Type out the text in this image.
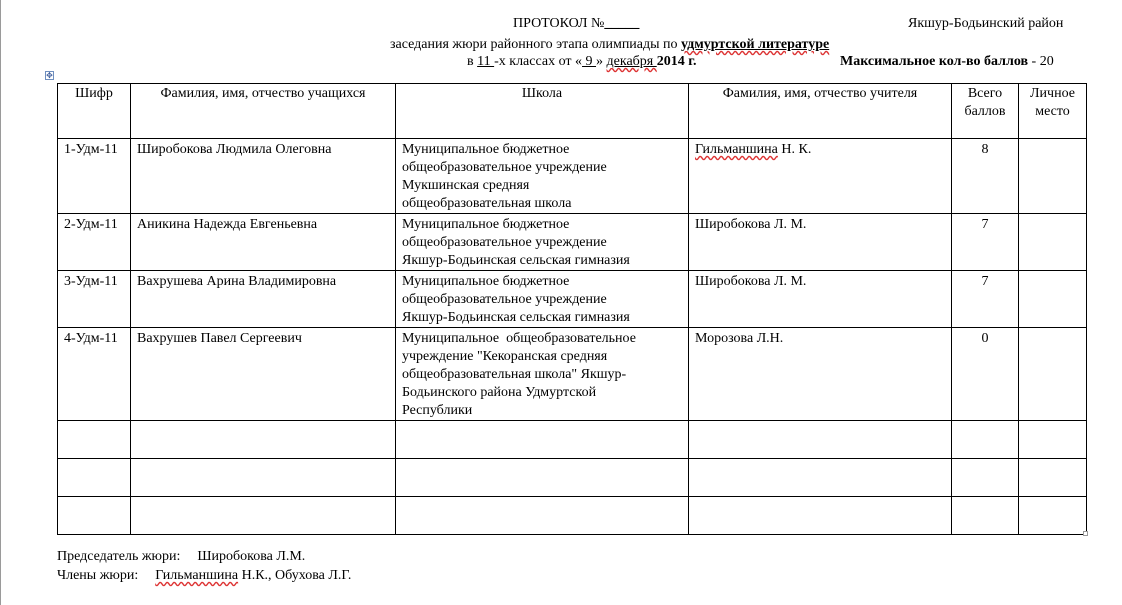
ПРОТОКОЛ №_____	Якшур-Бодьинский район
заседания жюри районного этапа олимпиады по удмуртской литературе
в 11 -х классах от « 9 » декабря 2014 г.	Максимальное кол-во баллов - 20
✥
Шифр	Фамилия, имя, отчество учащихся	Школа	Фамилия, имя, отчество учителя	Всего баллов	Личное место
1-Удм-11	Широбокова Людмила Олеговна	Муниципальное бюджетное
общеобразовательное учреждение
Мукшинская средняя
общеобразовательная школа	Гильманшина Н. К.	8	
2-Удм-11	Аникина Надежда Евгеньевна	Муниципальное бюджетное
общеобразовательное учреждение
Якшур-Бодьинская сельская гимназия	Широбокова Л. М.	7	
3-Удм-11	Вахрушева Арина Владимировна	Муниципальное бюджетное
общеобразовательное учреждение
Якшур-Бодьинская сельская гимназия	Широбокова Л. М.	7	
4-Удм-11	Вахрушев Павел Сергеевич	Муниципальное  общеобразовательное
учреждение "Кекоранская средняя
общеобразовательная школа" Якшур-
Бодьинского района Удмуртской
Республики	Морозова Л.Н.	0	

Председатель жюри: Широбокова Л.М.
Члены жюри: Гильманшина Н.К., Обухова Л.Г.
